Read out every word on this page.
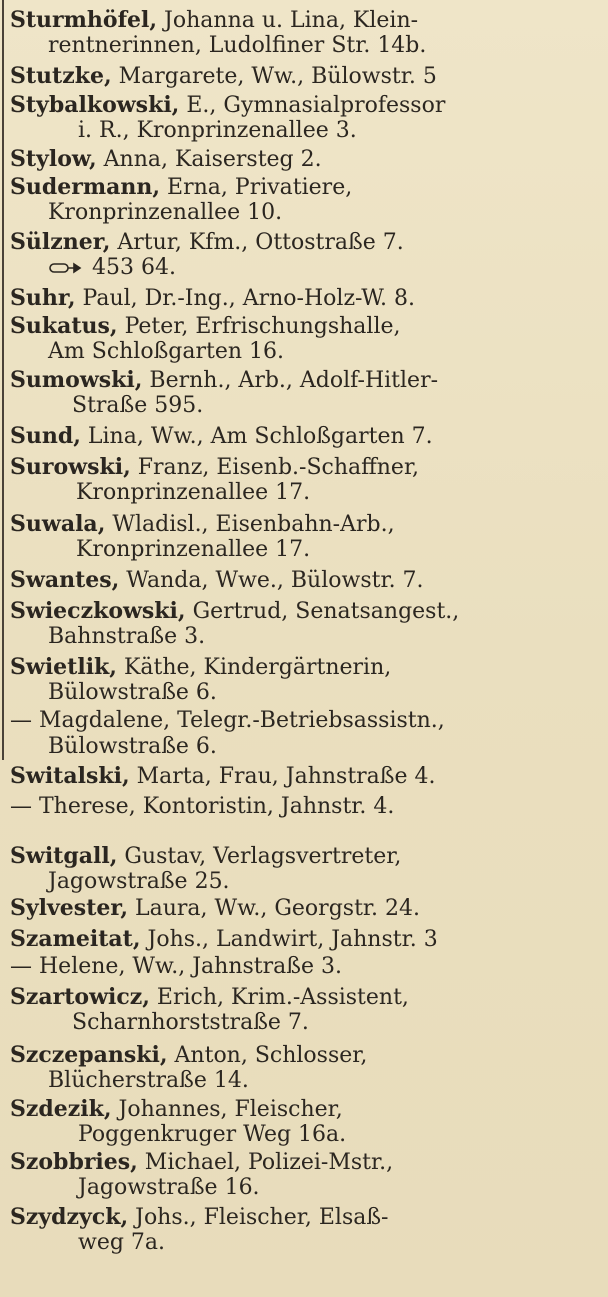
Sturmhöfel, Johanna u. Lina, Klein-
rentnerinnen, Ludolfiner Str. 14b.
Stutzke, Margarete, Ww., Bülowstr. 5
Stybalkowski, E., Gymnasialprofessor
i. R., Kronprinzenallee 3.
Stylow, Anna, Kaisersteg 2.
Sudermann, Erna, Privatiere,
Kronprinzenallee 10.
Sülzner, Artur, Kfm., Ottostraße 7.
453 64.
Suhr, Paul, Dr.-Ing., Arno-Holz-W. 8.
Sukatus, Peter, Erfrischungshalle,
Am Schloßgarten 16.
Sumowski, Bernh., Arb., Adolf-Hitler-
Straße 595.
Sund, Lina, Ww., Am Schloßgarten 7.
Surowski, Franz, Eisenb.-Schaffner,
Kronprinzenallee 17.
Suwala, Wladisl., Eisenbahn-Arb.,
Kronprinzenallee 17.
Swantes, Wanda, Wwe., Bülowstr. 7.
Swieczkowski, Gertrud, Senatsangest.,
Bahnstraße 3.
Swietlik, Käthe, Kindergärtnerin,
Bülowstraße 6.
— Magdalene, Telegr.-Betriebsassistn.,
Bülowstraße 6.
Switalski, Marta, Frau, Jahnstraße 4.
— Therese, Kontoristin, Jahnstr. 4.
Switgall, Gustav, Verlagsvertreter,
Jagowstraße 25.
Sylvester, Laura, Ww., Georgstr. 24.
Szameitat, Johs., Landwirt, Jahnstr. 3
— Helene, Ww., Jahnstraße 3.
Szartowicz, Erich, Krim.-Assistent,
Scharnhorststraße 7.
Szczepanski, Anton, Schlosser,
Blücherstraße 14.
Szdezik, Johannes, Fleischer,
Poggenkruger Weg 16a.
Szobbries, Michael, Polizei-Mstr.,
Jagowstraße 16.
Szydzyck, Johs., Fleischer, Elsaß-
weg 7a.
